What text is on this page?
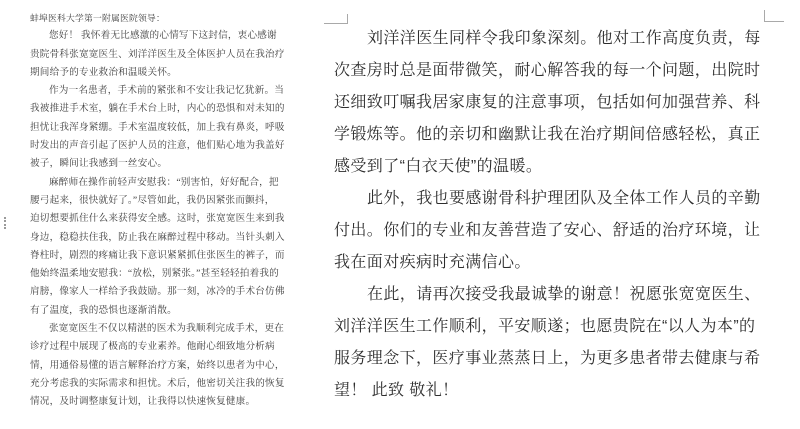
蚌埠医科大学第一附属医院领导：
您好！ 我怀着无比感激的心情写下这封信，衷心感谢
贵院骨科张宽宽医生、刘洋洋医生及全体医护人员在我治疗
期间给予的专业救治和温暖关怀。
作为一名患者，手术前的紧张和不安让我记忆犹新。当
我被推进手术室，躺在手术台上时，内心的恐惧和对未知的
担忧让我浑身紧绷。手术室温度较低，加上我有鼻炎，呼吸
时发出的声音引起了医护人员的注意，他们贴心地为我盖好
被子，瞬间让我感到一丝安心。
麻醉师在操作前轻声安慰我：“别害怕，好好配合，把
腰弓起来，很快就好了。”尽管如此，我仍因紧张而颤抖，
迫切想要抓住什么来获得安全感。这时，张宽宽医生来到我
身边，稳稳扶住我，防止我在麻醉过程中移动。当针头刺入
脊柱时，剧烈的疼痛让我下意识紧紧抓住张医生的裤子，而
他始终温柔地安慰我：“放松，别紧张。”甚至轻轻拍着我的
肩膀，像家人一样给予我鼓励。那一刻，冰冷的手术台仿佛
有了温度，我的恐惧也逐渐消散。
张宽宽医生不仅以精湛的医术为我顺利完成手术，更在
诊疗过程中展现了极高的专业素养。他耐心细致地分析病
情，用通俗易懂的语言解释治疗方案，始终以患者为中心，
充分考虑我的实际需求和担忧。术后，他密切关注我的恢复
情况，及时调整康复计划，让我得以快速恢复健康。
刘洋洋医生同样令我印象深刻。他对工作高度负责，每
次查房时总是面带微笑，耐心解答我的每一个问题，出院时
还细致叮嘱我居家康复的注意事项，包括如何加强营养、科
学锻炼等。他的亲切和幽默让我在治疗期间倍感轻松，真正
感受到了“白衣天使”的温暖。
此外，我也要感谢骨科护理团队及全体工作人员的辛勤
付出。你们的专业和友善营造了安心、舒适的治疗环境，让
我在面对疾病时充满信心。
在此，请再次接受我最诚挚的谢意！祝愿张宽宽医生、
刘洋洋医生工作顺利，平安顺遂；也愿贵院在“以人为本”的
服务理念下，医疗事业蒸蒸日上，为更多患者带去健康与希
望！ 此致 敬礼！
